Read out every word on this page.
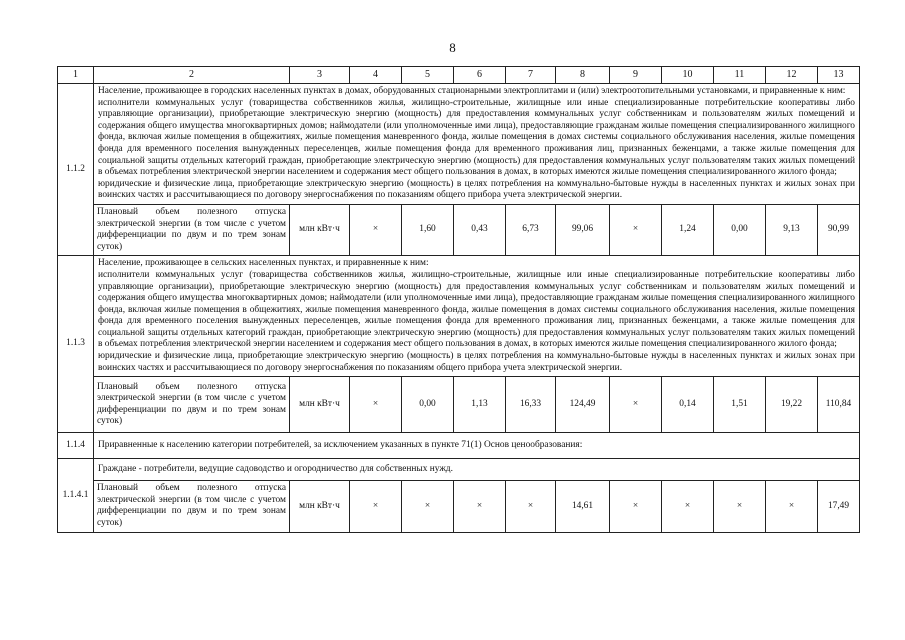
8
1	2	3	4	5	6	7	8	9	10	11	12	13
1.1.2	Население, проживающее в городских населенных пунктах в домах, оборудованных стационарными электроплитами и (или) электроотопительными установками, и приравненные к ним:
исполнители коммунальных услуг (товарищества собственников жилья, жилищно-строительные, жилищные или иные специализированные потребительские кооперативы либо управляющие организации), приобретающие электрическую энергию (мощность) для предоставления коммунальных услуг собственникам и пользователям жилых помещений и содержания общего имущества многоквартирных домов; наймодатели (или уполномоченные ими лица), предоставляющие гражданам жилые помещения специализированного жилищного фонда, включая жилые помещения в общежитиях, жилые помещения маневренного фонда, жилые помещения в домах системы социального обслуживания населения, жилые помещения фонда для временного поселения вынужденных переселенцев, жилые помещения фонда для временного проживания лиц, признанных беженцами, а также жилые помещения для социальной защиты отдельных категорий граждан, приобретающие электрическую энергию (мощность) для предоставления коммунальных услуг пользователям таких жилых помещений в объемах потребления электрической энергии населением и содержания мест общего пользования в домах, в которых имеются жилые помещения специализированного жилого фонда;
юридические и физические лица, приобретающие электрическую энергию (мощность) в целях потребления на коммунально-бытовые нужды в населенных пунктах и жилых зонах при воинских частях и рассчитывающиеся по договору энергоснабжения по показаниям общего прибора учета электрической энергии.											

	Плановый объем полезного отпуска электрической энергии (в том числе с учетом дифференциации по двум и по трем зонам суток)	млн кВт·ч	×	1,60	0,43	6,73	99,06	×	1,24	0,00	9,13	90,99
1.1.3	Население, проживающее в сельских населенных пунктах, и приравненные к ним:
исполнители коммунальных услуг (товарищества собственников жилья, жилищно-строительные, жилищные или иные специализированные потребительские кооперативы либо управляющие организации), приобретающие электрическую энергию (мощность) для предоставления коммунальных услуг собственникам и пользователям жилых помещений и содержания общего имущества многоквартирных домов; наймодатели (или уполномоченные ими лица), предоставляющие гражданам жилые помещения специализированного жилищного фонда, включая жилые помещения в общежитиях, жилые помещения маневренного фонда, жилые помещения в домах системы социального обслуживания населения, жилые помещения фонда для временного поселения вынужденных переселенцев, жилые помещения фонда для временного проживания лиц, признанных беженцами, а также жилые помещения для социальной защиты отдельных категорий граждан, приобретающие электрическую энергию (мощность) для предоставления коммунальных услуг пользователям таких жилых помещений в объемах потребления электрической энергии населением и содержания мест общего пользования в домах, в которых имеются жилые помещения специализированного жилого фонда;
юридические и физические лица, приобретающие электрическую энергию (мощность) в целях потребления на коммунально-бытовые нужды в населенных пунктах и жилых зонах при воинских частях и рассчитывающиеся по договору энергоснабжения по показаниям общего прибора учета электрической энергии.											

	Плановый объем полезного отпуска электрической энергии (в том числе с учетом дифференциации по двум и по трем зонам суток)	млн кВт·ч	×	0,00	1,13	16,33	124,49	×	0,14	1,51	19,22	110,84
1.1.4	Приравненные к населению категории потребителей, за исключением указанных в пункте 71(1) Основ ценообразования:											
1.1.4.1	Граждане - потребители, ведущие садоводство и огородничество для собственных нужд.											
	Плановый объем полезного отпуска электрической энергии (в том числе с учетом дифференциации по двум и по трем зонам суток)	млн кВт·ч	×	×	×	×	14,61	×	×	×	×	17,49
